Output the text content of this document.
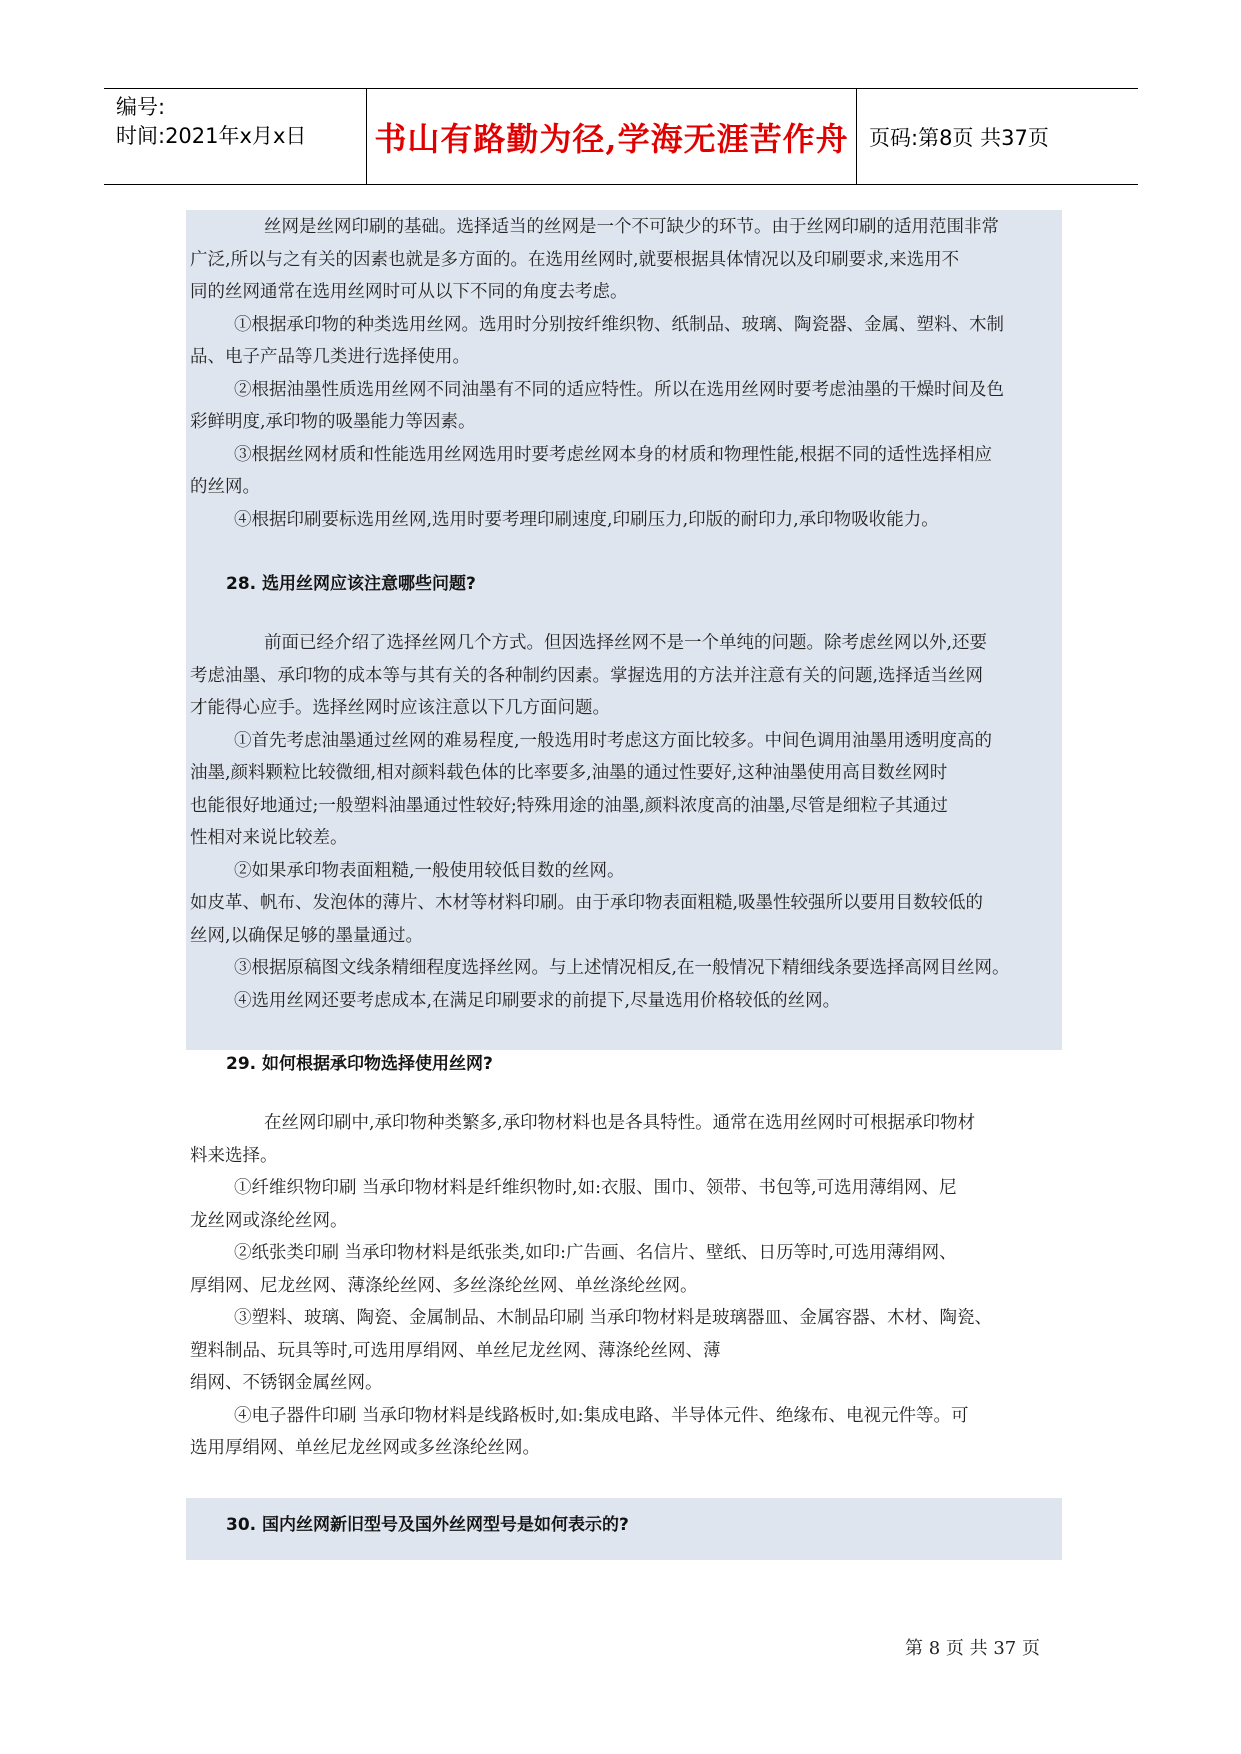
编号:
时间:2021年x月x日	书山有路勤为径,学海无涯苦作舟 页码:第8页 共37页
丝网是丝网印刷的基础。选择适当的丝网是一个不可缺少的环节。由于丝网印刷的适用范围非常
广泛,所以与之有关的因素也就是多方面的。在选用丝网时,就要根据具体情况以及印刷要求,来选用不
同的丝网通常在选用丝网时可从以下不同的角度去考虑。
①根据承印物的种类选用丝网。选用时分别按纤维织物、纸制品、玻璃、陶瓷器、金属、塑料、木制
品、电子产品等几类进行选择使用。
②根据油墨性质选用丝网不同油墨有不同的适应特性。所以在选用丝网时要考虑油墨的干燥时间及色
彩鲜明度,承印物的吸墨能力等因素。
③根据丝网材质和性能选用丝网选用时要考虑丝网本身的材质和物理性能,根据不同的适性选择相应
的丝网。
④根据印刷要标选用丝网,选用时要考理印刷速度,印刷压力,印版的耐印力,承印物吸收能力。
28. 选用丝网应该注意哪些问题?
前面已经介绍了选择丝网几个方式。但因选择丝网不是一个单纯的问题。除考虑丝网以外,还要
考虑油墨、承印物的成本等与其有关的各种制约因素。掌握选用的方法并注意有关的问题,选择适当丝网
才能得心应手。选择丝网时应该注意以下几方面问题。
①首先考虑油墨通过丝网的难易程度,一般选用时考虑这方面比较多。中间色调用油墨用透明度高的
油墨,颜料颗粒比较微细,相对颜料载色体的比率要多,油墨的通过性要好,这种油墨使用高目数丝网时
也能很好地通过;一般塑料油墨通过性较好;特殊用途的油墨,颜料浓度高的油墨,尽管是细粒子其通过
性相对来说比较差。
②如果承印物表面粗糙,一般使用较低目数的丝网。
如皮革、帆布、发泡体的薄片、木材等材料印刷。由于承印物表面粗糙,吸墨性较强所以要用目数较低的
丝网,以确保足够的墨量通过。
③根据原稿图文线条精细程度选择丝网。与上述情况相反,在一般情况下精细线条要选择高网目丝网。
④选用丝网还要考虑成本,在满足印刷要求的前提下,尽量选用价格较低的丝网。
29. 如何根据承印物选择使用丝网?
在丝网印刷中,承印物种类繁多,承印物材料也是各具特性。通常在选用丝网时可根据承印物材
料来选择。
①纤维织物印刷 当承印物材料是纤维织物时,如:衣服、围巾、领带、书包等,可选用薄绢网、尼
龙丝网或涤纶丝网。
②纸张类印刷 当承印物材料是纸张类,如印:广告画、名信片、壁纸、日历等时,可选用薄绢网、
厚绢网、尼龙丝网、薄涤纶丝网、多丝涤纶丝网、单丝涤纶丝网。
③塑料、玻璃、陶瓷、金属制品、木制品印刷 当承印物材料是玻璃器皿、金属容器、木材、陶瓷、
塑料制品、玩具等时,可选用厚绢网、单丝尼龙丝网、薄涤纶丝网、薄
绢网、不锈钢金属丝网。
④电子器件印刷 当承印物材料是线路板时,如:集成电路、半导体元件、绝缘布、电视元件等。可
选用厚绢网、单丝尼龙丝网或多丝涤纶丝网。
30. 国内丝网新旧型号及国外丝网型号是如何表示的?
第 8 页 共 37 页
